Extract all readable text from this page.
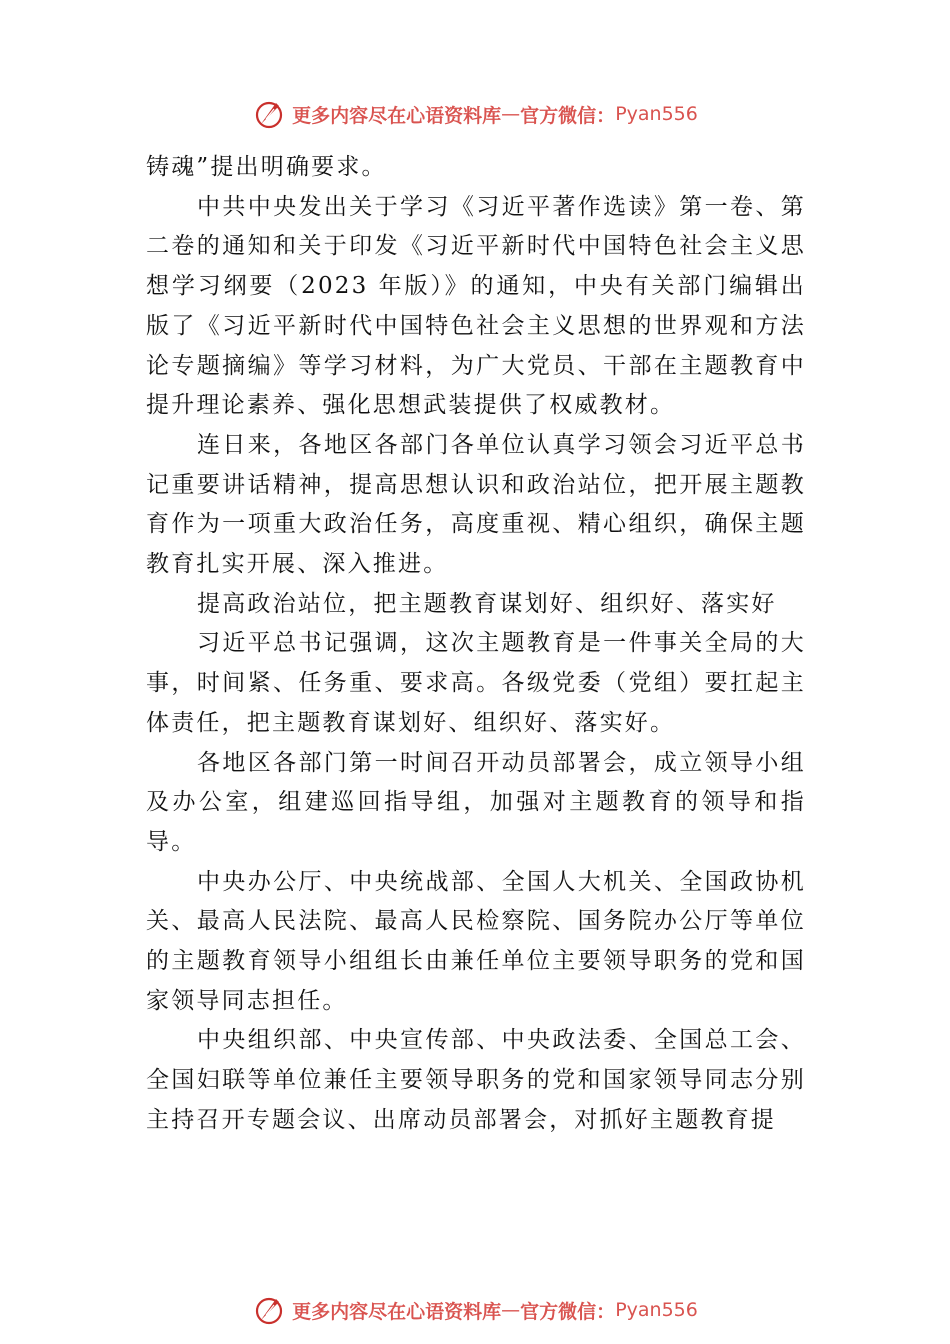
更多内容尽在心语资料库 — 官方微信： Pyan556

铸魂”提出明确要求。

中共中央发出关于学习《习近平著作选读》第一卷、第二卷的通知和关于印发《习近平新时代中国特色社会主义思想学习纲要（2023 年版）》的通知，中央有关部门编辑出版了《习近平新时代中国特色社会主义思想的世界观和方法论专题摘编》等学习材料，为广大党员、干部在主题教育中提升理论素养、强化思想武装提供了权威教材。

连日来，各地区各部门各单位认真学习领会习近平总书记重要讲话精神，提高思想认识和政治站位，把开展主题教育作为一项重大政治任务，高度重视、精心组织，确保主题教育扎实开展、深入推进。

提高政治站位，把主题教育谋划好、组织好、落实好

习近平总书记强调，这次主题教育是一件事关全局的大事，时间紧、任务重、要求高。各级党委（党组）要扛起主体责任，把主题教育谋划好、组织好、落实好。

各地区各部门第一时间召开动员部署会，成立领导小组及办公室，组建巡回指导组，加强对主题教育的领导和指导。

中央办公厅、中央统战部、全国人大机关、全国政协机关、最高人民法院、最高人民检察院、国务院办公厅等单位的主题教育领导小组组长由兼任单位主要领导职务的党和国家领导同志担任。

中央组织部、中央宣传部、中央政法委、全国总工会、全国妇联等单位兼任主要领导职务的党和国家领导同志分别主持召开专题会议、出席动员部署会，对抓好主题教育提

更多内容尽在心语资料库 — 官方微信： Pyan556
